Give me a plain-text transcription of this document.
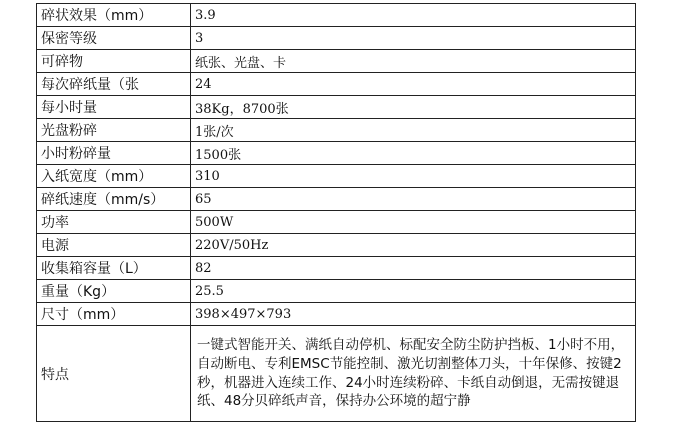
碎状效果（mm）	3.9
保密等级	3
可碎物	纸张、光盘、卡
每次碎纸量（张	24
每小时量	38Kg，8700张
光盘粉碎	1张/次
小时粉碎量	1500张
入纸宽度（mm）	310
碎纸速度（mm/s）	65
功率	500W
电源	220V/50Hz
收集箱容量（L）	82
重量（Kg）	25.5
尺寸（mm）	398×497×793
特点	一键式智能开关、满纸自动停机、标配安全防尘防护挡板、1小时不用，自动断电、专利EMSC节能控制、激光切割整体刀头，十年保修、按键2秒，机器进入连续工作、24小时连续粉碎、卡纸自动倒退，无需按键退纸、48分贝碎纸声音，保持办公环境的超宁静
